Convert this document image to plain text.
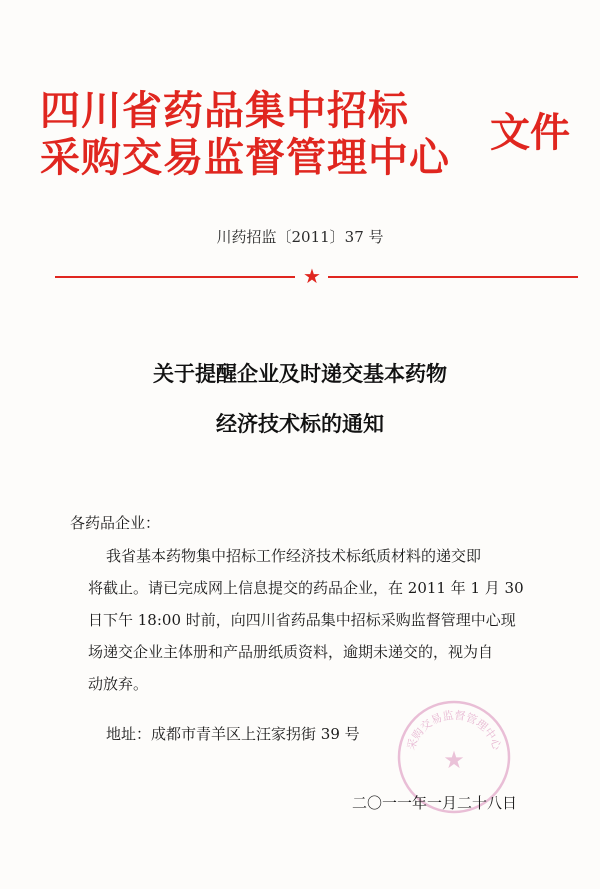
四川省药品集中招标
采购交易监督管理中心
文件
川药招监〔2011〕37 号
★
关于提醒企业及时递交基本药物
经济技术标的通知
各药品企业：
我省基本药物集中招标工作经济技术标纸质材料的递交即
将截止。请已完成网上信息提交的药品企业，在 2011 年 1 月 30
日下午 18:00 时前，向四川省药品集中招标采购监督管理中心现
场递交企业主体册和产品册纸质资料，逾期未递交的，视为自
动放弃。
地址：成都市青羊区上汪家拐街 39 号
采购交易监督管理中心
★
二〇一一年一月二十八日
